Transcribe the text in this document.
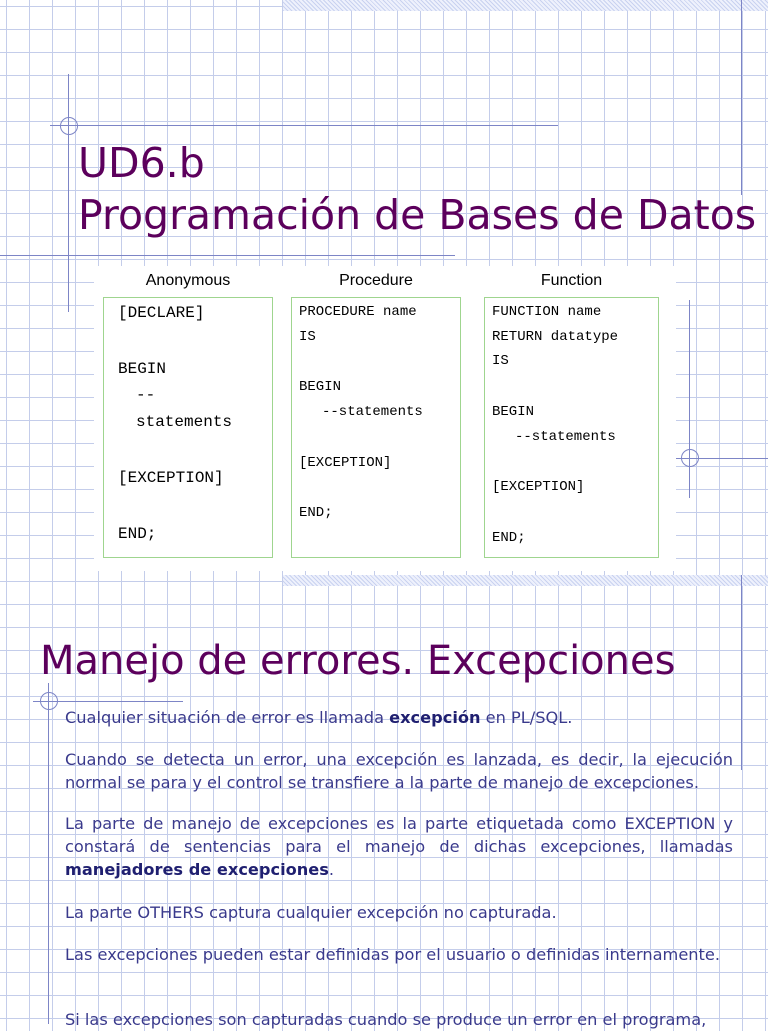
UD6.b
Programación de Bases de Datos
Anonymous	Procedure	Function
[DECLARE]
BEGIN
--
statements
[EXCEPTION]
END;
PROCEDURE name
IS
BEGIN
--statements
[EXCEPTION]
END;
FUNCTION name
RETURN datatype
IS
BEGIN
--statements
[EXCEPTION]
END;
Manejo de errores. Excepciones

Cualquier situación de error es llamada excepción en PL/SQL.

Cuando se detecta un error, una excepción es lanzada, es decir, la ejecución normal se para y el control se transfiere a la parte de manejo de excepciones.

La parte de manejo de excepciones es la parte etiquetada como EXCEPTION y constará de sentencias para el manejo de dichas excepciones, llamadas manejadores de excepciones.

La parte OTHERS captura cualquier excepción no capturada.

Las excepciones pueden estar definidas por el usuario o definidas internamente.

Si las excepciones son capturadas cuando se produce un error en el programa,
